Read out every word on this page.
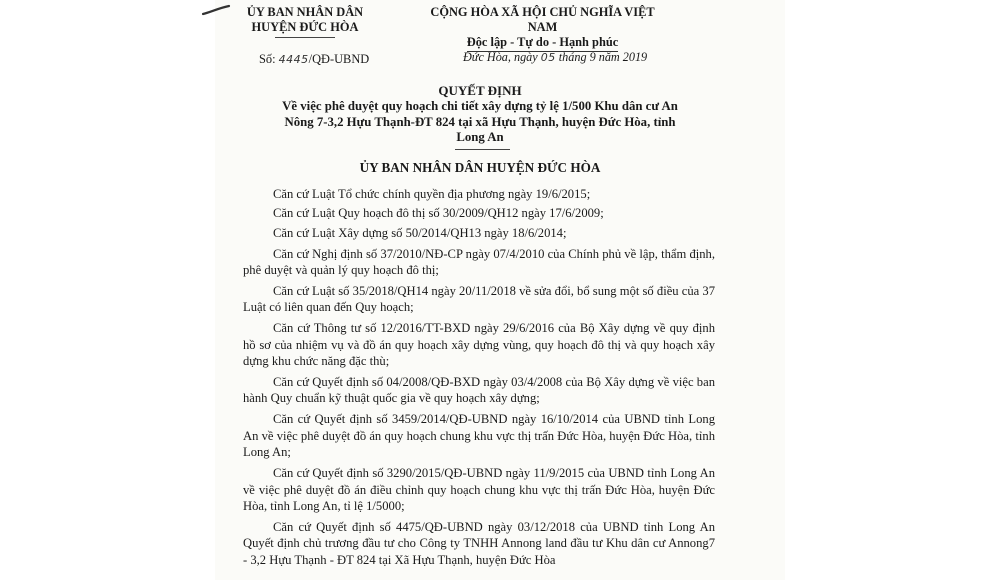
ỦY BAN NHÂN DÂN
HUYỆN ĐỨC HÒA
CỘNG HÒA XÃ HỘI CHỦ NGHĨA VIỆT NAM
Độc lập - Tự do - Hạnh phúc
Số: 4445/QĐ-UBND	Đức Hòa, ngày 05 tháng 9 năm 2019
QUYẾT ĐỊNH
Về việc phê duyệt quy hoạch chi tiết xây dựng tỷ lệ 1/500 Khu dân cư An
Nông 7-3,2 Hựu Thạnh-ĐT 824 tại xã Hựu Thạnh, huyện Đức Hòa, tỉnh
Long An
ỦY BAN NHÂN DÂN HUYỆN ĐỨC HÒA

Căn cứ Luật Tổ chức chính quyền địa phương ngày 19/6/2015;

Căn cứ Luật Quy hoạch đô thị số 30/2009/QH12 ngày 17/6/2009;

Căn cứ Luật Xây dựng số 50/2014/QH13 ngày 18/6/2014;

Căn cứ Nghị định số 37/2010/NĐ-CP ngày 07/4/2010 của Chính phủ về lập, thẩm định, phê duyệt và quản lý quy hoạch đô thị;

Căn cứ Luật số 35/2018/QH14 ngày 20/11/2018 về sửa đổi, bổ sung một số điều của 37 Luật có liên quan đến Quy hoạch;

Căn cứ Thông tư số 12/2016/TT-BXD ngày 29/6/2016 của Bộ Xây dựng về quy định hồ sơ của nhiệm vụ và đồ án quy hoạch xây dựng vùng, quy hoạch đô thị và quy hoạch xây dựng khu chức năng đặc thù;

Căn cứ Quyết định số 04/2008/QĐ-BXD ngày 03/4/2008 của Bộ Xây dựng về việc ban hành Quy chuẩn kỹ thuật quốc gia về quy hoạch xây dựng;

Căn cứ Quyết định số 3459/2014/QĐ-UBND ngày 16/10/2014 của UBND tỉnh Long An về việc phê duyệt đồ án quy hoạch chung khu vực thị trấn Đức Hòa, huyện Đức Hòa, tỉnh Long An;

Căn cứ Quyết định số 3290/2015/QĐ-UBND ngày 11/9/2015 của UBND tỉnh Long An về việc phê duyệt đồ án điều chỉnh quy hoạch chung khu vực thị trấn Đức Hòa, huyện Đức Hòa, tỉnh Long An, tỉ lệ 1/5000;

Căn cứ Quyết định số 4475/QĐ-UBND ngày 03/12/2018 của UBND tỉnh Long An Quyết định chủ trương đầu tư cho Công ty TNHH Annong land đầu tư Khu dân cư Annong7 - 3,2 Hựu Thạnh - ĐT 824 tại Xã Hựu Thạnh, huyện Đức Hòa
